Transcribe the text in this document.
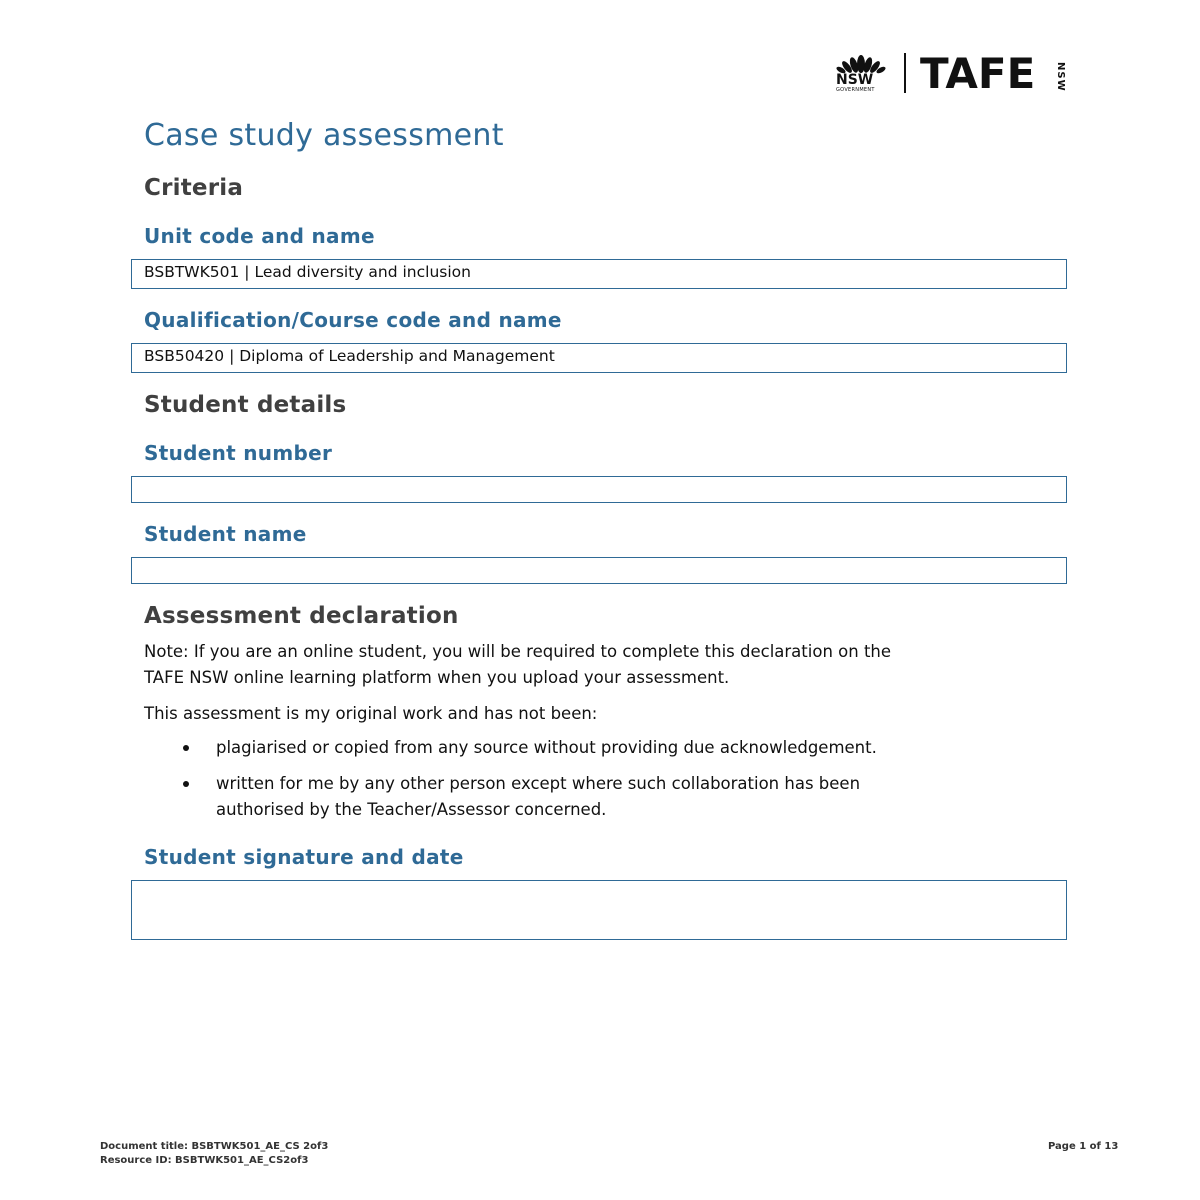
NSW
GOVERNMENT TAFE NSW
Case study assessment
Criteria
Unit code and name
BSBTWK501 | Lead diversity and inclusion
Qualification/Course code and name
BSB50420 | Diploma of Leadership and Management
Student details
Student number
Student name
Assessment declaration
Note: If you are an online student, you will be required to complete this declaration on the
TAFE NSW online learning platform when you upload your assessment.
This assessment is my original work and has not been:
plagiarised or copied from any source without providing due acknowledgement.
written for me by any other person except where such collaboration has been
authorised by the Teacher/Assessor concerned.
Student signature and date
Document title: BSBTWK501_AE_CS 2of3
Resource ID: BSBTWK501_AE_CS2of3
Page 1 of 13
